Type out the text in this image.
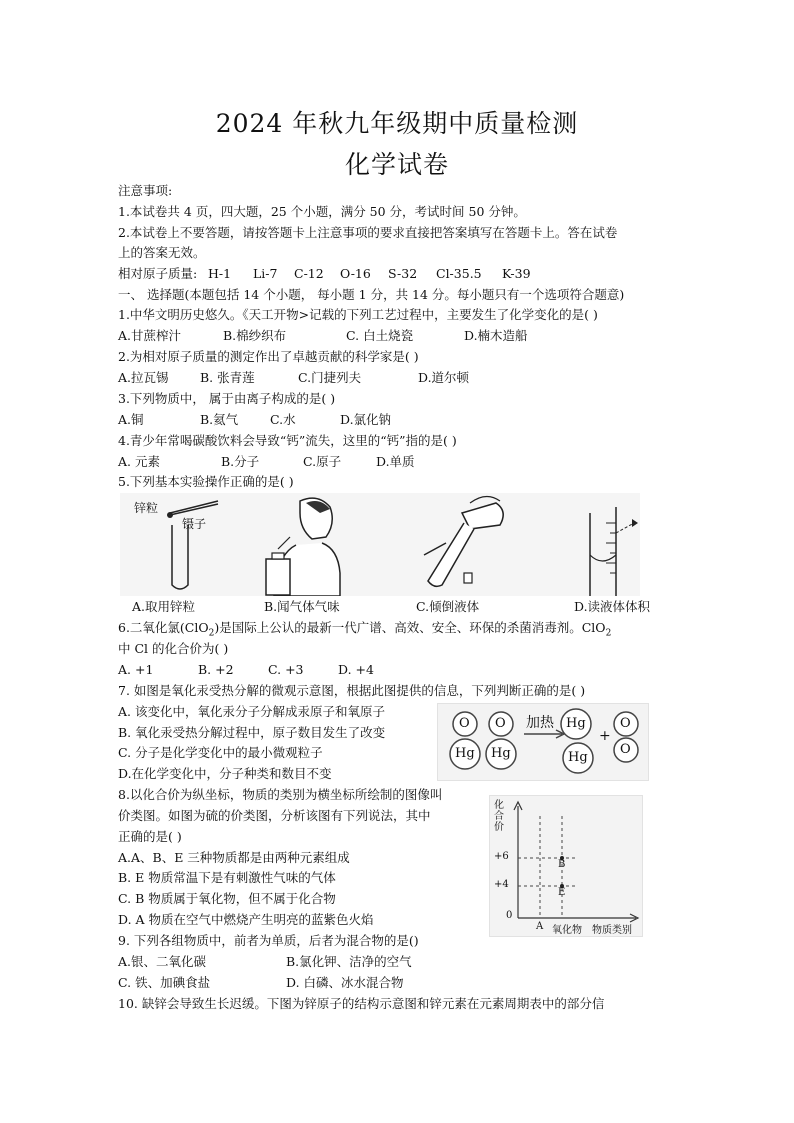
2024 年秋九年级期中质量检测
化学试卷
注意事项:
1.本试卷共 4 页，四大题，25 个小题，满分 50 分，考试时间 50 分钟。
2.本试卷上不要答题，请按答题卡上注意事项的要求直接把答案填写在答题卡上。答在试卷
上的答案无效。
相对原子质量: H-1 Li-7 C-12 O-16 S-32 Cl-35.5 K-39
一、 选择题(本题包括 14 个小题， 每小题 1 分，共 14 分。每小题只有一个选项符合题意)
1.中华文明历史悠久。《天工开物>记载的下列工艺过程中，主要发生了化学变化的是( )
A.甘蔗榨汁	B.棉纱织布	C. 白土烧瓷	D.楠木造船
2.为相对原子质量的测定作出了卓越贡献的科学家是( )
A.拉瓦锡	B. 张青莲	C.门捷列夫	D.道尔顿
3.下列物质中， 属于由离子构成的是( )
A.铜	B.氦气	C.水	D.氯化钠
4.青少年常喝碳酸饮料会导致“钙”流失，这里的“钙”指的是( )
A. 元素	B.分子	C.原子	D.单质
5.下列基本实验操作正确的是( )
锌粒
镊子
A.取用锌粒	B.闻气体气味	C.倾倒液体	D.读液体体积
6.二氧化氯(ClO$_2$)是国际上公认的最新一代广谱、高效、安全、环保的杀菌消毒剂。ClO$_2$
中 Cl 的化合价为( )
A. +1	B. +2	C. +3	D. +4
7. 如图是氧化汞受热分解的微观示意图，根据此图提供的信息，下列判断正确的是( )
A. 该变化中，氧化汞分子分解成汞原子和氧原子
B. 氧化汞受热分解过程中，原子数目发生了改变
C. 分子是化学变化中的最小微观粒子
D.在化学变化中，分子种类和数目不变
O
Hg
O
Hg
加热 Hg
Hg
+
O
O
8.以化合价为纵坐标，物质的类别为横坐标所绘制的图像叫
价类图。如图为硫的价类图，分析该图有下列说法，其中
正确的是( )
A.A、B、E 三种物质都是由两种元素组成
B. E 物质常温下是有刺激性气味的气体
C. B 物质属于氧化物，但不属于化合物
D. A 物质在空气中燃烧产生明亮的蓝紫色火焰
化合价
+6
+4
0
B
E
A 氧化物 物质类别
9. 下列各组物质中，前者为单质，后者为混合物的是()
A.银、二氧化碳	B.氯化钾、洁净的空气
C. 铁、加碘食盐	D. 白磷、冰水混合物
10. 缺锌会导致生长迟缓。下图为锌原子的结构示意图和锌元素在元素周期表中的部分信
